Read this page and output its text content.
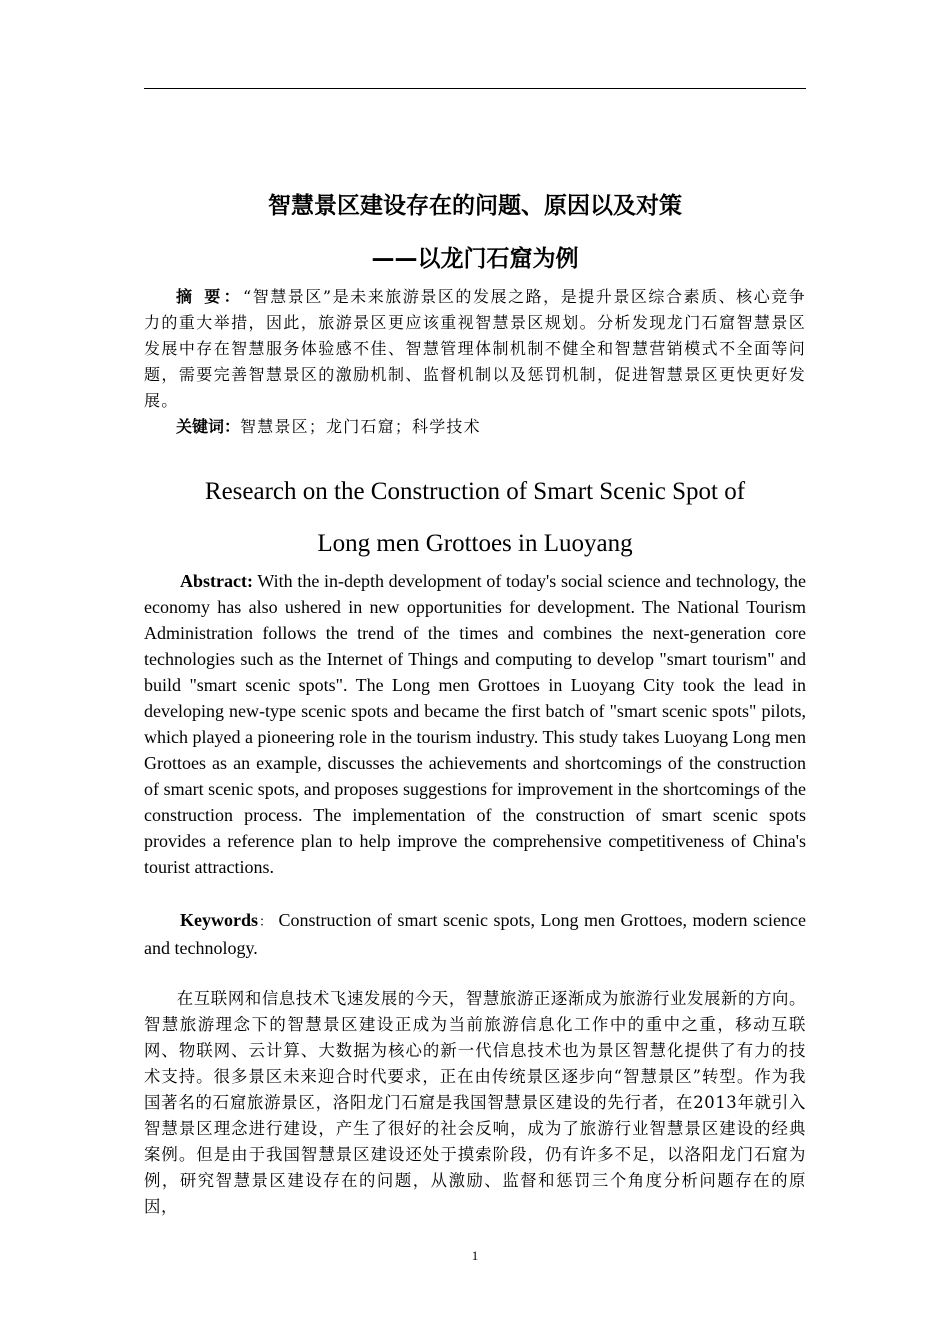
智慧景区建设存在的问题、原因以及对策
——以龙门石窟为例

摘 要：“智慧景区”是未来旅游景区的发展之路，是提升景区综合素质、核心竞争力的重大举措，因此，旅游景区更应该重视智慧景区规划。分析发现龙门石窟智慧景区发展中存在智慧服务体验感不佳、智慧管理体制机制不健全和智慧营销模式不全面等问题，需要完善智慧景区的激励机制、监督机制以及惩罚机制，促进智慧景区更快更好发展。

关键词：智慧景区；龙门石窟；科学技术

Research on the Construction of Smart Scenic Spot of
Long men Grottoes in Luoyang

Abstract: With the in-depth development of today's social science and technology, the economy has also ushered in new opportunities for development. The National Tourism Administration follows the trend of the times and combines the next-generation core technologies such as the Internet of Things and computing to develop "smart tourism" and build "smart scenic spots". The Long men Grottoes in Luoyang City took the lead in developing new-type scenic spots and became the first batch of "smart scenic spots" pilots, which played a pioneering role in the tourism industry. This study takes Luoyang Long men Grottoes as an example, discusses the achievements and shortcomings of the construction of smart scenic spots, and proposes suggestions for improvement in the shortcomings of the construction process. The implementation of the construction of smart scenic spots provides a reference plan to help improve the comprehensive competitiveness of China's tourist attractions.

Keywords： Construction of smart scenic spots, Long men Grottoes, modern science and technology.

在互联网和信息技术飞速发展的今天，智慧旅游正逐渐成为旅游行业发展新的方向。智慧旅游理念下的智慧景区建设正成为当前旅游信息化工作中的重中之重，移动互联网、物联网、云计算、大数据为核心的新一代信息技术也为景区智慧化提供了有力的技术支持。很多景区未来迎合时代要求，正在由传统景区逐步向“智慧景区”转型。作为我国著名的石窟旅游景区，洛阳龙门石窟是我国智慧景区建设的先行者，在2013年就引入智慧景区理念进行建设，产生了很好的社会反响，成为了旅游行业智慧景区建设的经典案例。但是由于我国智慧景区建设还处于摸索阶段，仍有许多不足，以洛阳龙门石窟为例，研究智慧景区建设存在的问题，从激励、监督和惩罚三个角度分析问题存在的原因，

1
